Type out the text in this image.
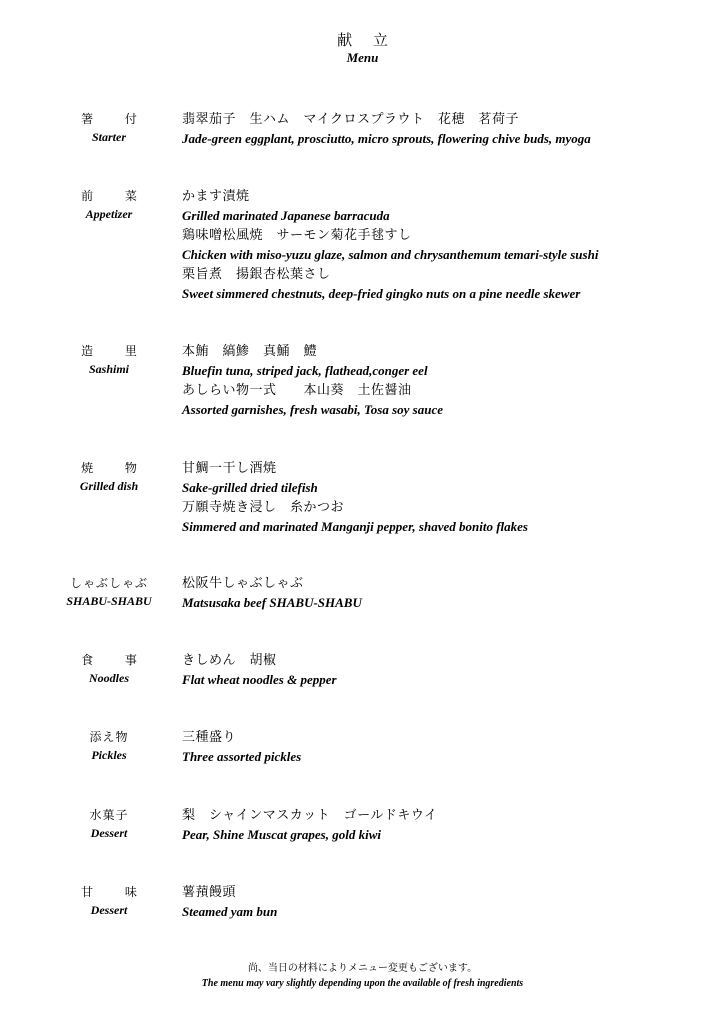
献 立
Menu
箸 付
Starter
翡翠茄子　生ハム　マイクロスプラウト　花穂　茗荷子
Jade-green eggplant, prosciutto, micro sprouts, flowering chive buds, myoga
前 菜
Appetizer
かます漬焼
Grilled marinated Japanese barracuda
鶏味噌松風焼　サーモン菊花手毬すし
Chicken with miso-yuzu glaze, salmon and chrysanthemum temari-style sushi
栗旨煮　揚銀杏松葉さし
Sweet simmered chestnuts, deep-fried gingko nuts on a pine needle skewer
造 里
Sashimi
本鮪　縞鯵　真鯒　鱧
Bluefin tuna, striped jack, flathead,conger eel
あしらい物一式　　本山葵　土佐醤油
Assorted garnishes, fresh wasabi, Tosa soy sauce
焼 物
Grilled dish
甘鯛一干し酒焼
Sake-grilled dried tilefish
万願寺焼き浸し　糸かつお
Simmered and marinated Manganji pepper, shaved bonito flakes
しゃぶしゃぶ
SHABU-SHABU
松阪牛しゃぶしゃぶ
Matsusaka beef SHABU-SHABU
食 事
Noodles
きしめん　胡椒
Flat wheat noodles & pepper
添え物
Pickles
三種盛り
Three assorted pickles
水菓子
Dessert
梨　シャインマスカット　ゴールドキウイ
Pear, Shine Muscat grapes, gold kiwi
甘 味
Dessert
薯蕷饅頭
Steamed yam bun
尚、当日の材料によりメニュー変更もございます。
The menu may vary slightly depending upon the available of fresh ingredients
